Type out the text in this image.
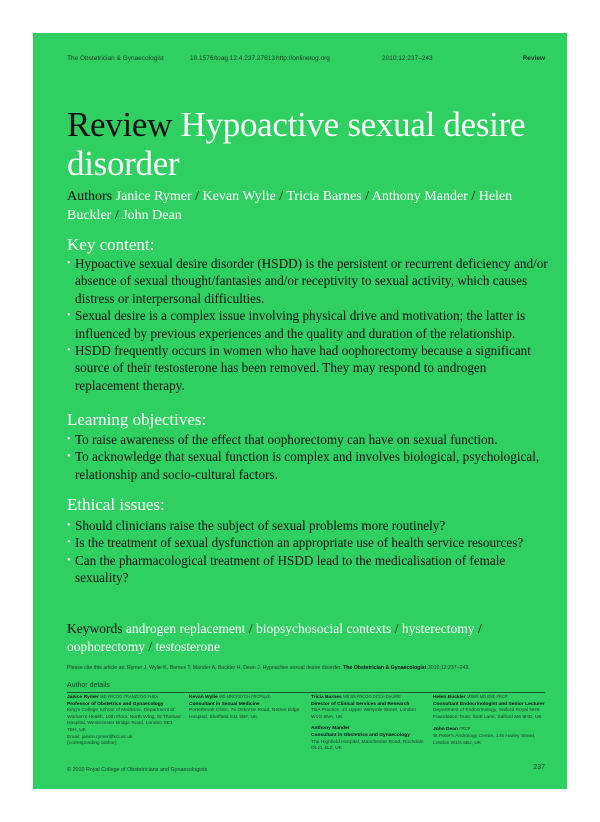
The Obstetrician & Gynaecologist	10.1576/toag.12.4.237.27613 http://onlinetog.org	2010;12:237–243	Review
Review Hypoactive sexual desire disorder
Authors Janice Rymer / Kevan Wylie / Tricia Barnes / Anthony Mander / Helen Buckler / John Dean
Key content:
• Hypoactive sexual desire disorder (HSDD) is the persistent or recurrent deficiency and/or absence of sexual thought/fantasies and/or receptivity to sexual activity, which causes distress or interpersonal difficulties.
• Sexual desire is a complex issue involving physical drive and motivation; the latter is influenced by previous experiences and the quality and duration of the relationship.
• HSDD frequently occurs in women who have had oophorectomy because a significant source of their testosterone has been removed. They may respond to androgen replacement therapy.
Learning objectives:
• To raise awareness of the effect that oophorectomy can have on sexual function.
• To acknowledge that sexual function is complex and involves biological, psychological, relationship and socio-cultural factors.
Ethical issues:
• Should clinicians raise the subject of sexual problems more routinely?
• Is the treatment of sexual dysfunction an appropriate use of health service resources?
• Can the pharmacological treatment of HSDD lead to the medicalisation of female sexuality?
Keywords androgen replacement / biopsychosocial contexts / hysterectomy / oophorectomy / testosterone
Please cite this article as: Rymer J, Wylie K, Barnes T, Mander A, Buckler H, Dean J. Hypoactive sexual desire disorder. The Obstetrician & Gynaecologist 2010;12:237–243.
Author details
Janice Rymer MD FRCOG FRANZCOG FHEA
Professor of Obstetrics and Gynaecology
King's College School of Medicine, Department of Women's Health, 10th Floor, North Wing, St Thomas' Hospital, Westminster Bridge Road, London SE1 7EH, UK
Email: janice.rymer@kcl.ac.uk
(corresponding author)
Kevan Wylie MD MRCPSYCH FRCPsych
Consultant in Sexual Medicine
Porterbrook Clinic, 75 Osborne Road, Nether Edge Hospital, Sheffield S11 9BF, UK
Tricia Barnes MB BS FRCOG DCCH DIASRE
Director of Clinical Services and Research
TBA Practice, 21 Upper Wimpole Street, London W1G 6NA, UK
Anthony Mander
Consultant in Obstetrics and Gynaecology
The Highfield Hospital, Manchester Road, Rochdale OL11 4LZ, UK
Helen Buckler MBBS MD BSE FRCP
Consultant Endocrinologist and Senior Lecturer
Department of Endocrinology, Salford Royal NHS Foundation Trust, Stott Lane, Salford M6 8HD, UK
John Dean FRCP
St Peter's Andrology Centre, 145 Harley Street, London W1G 6BJ, UK
© 2010 Royal College of Obstetricians and Gynaecologists	237
